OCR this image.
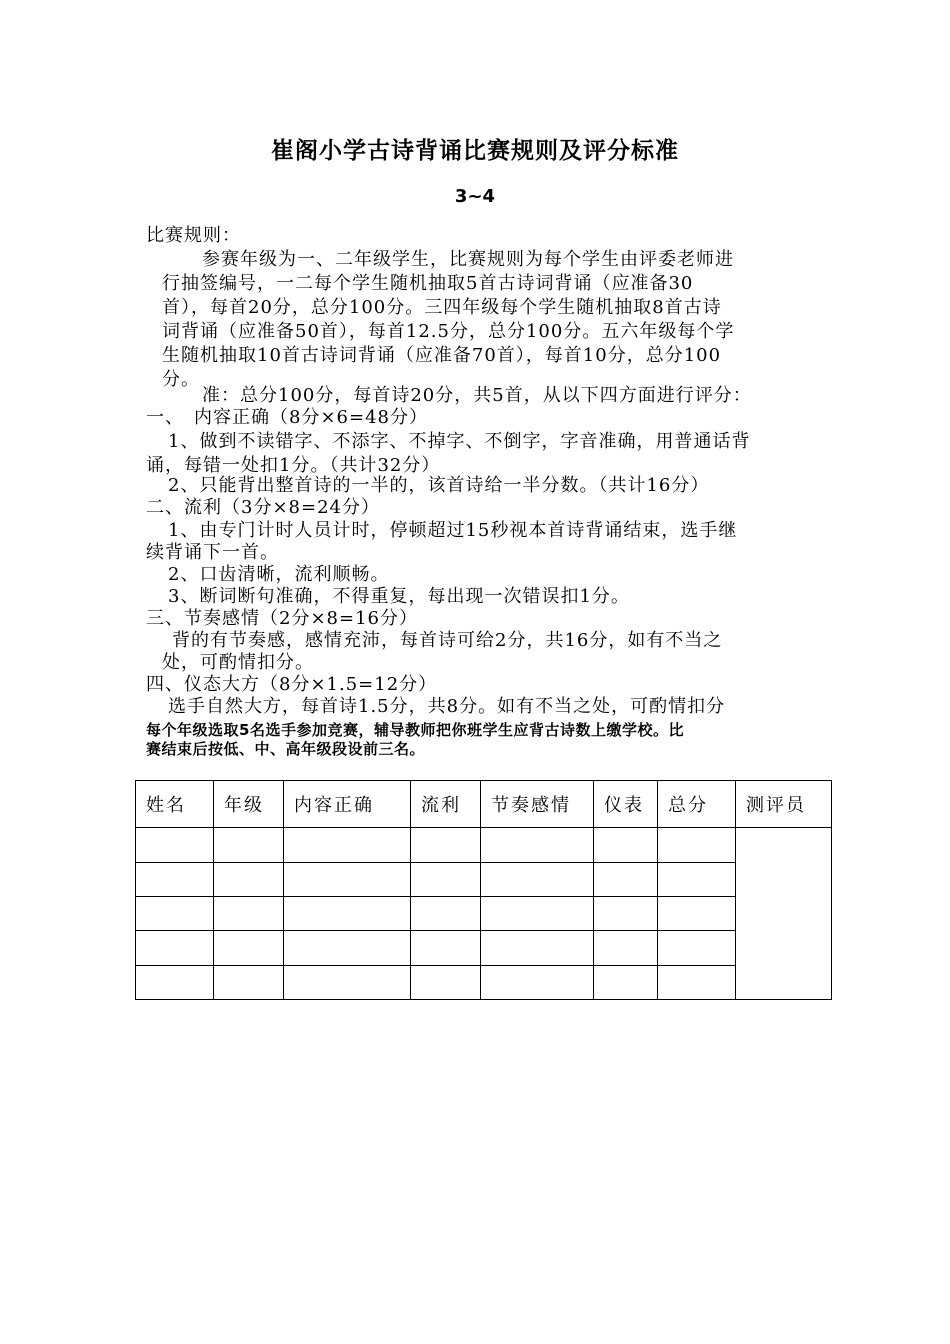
崔阁小学古诗背诵比赛规则及评分标准
3~4
比赛规则：
参赛年级为一、二年级学生，比赛规则为每个学生由评委老师进
行抽签编号，一二每个学生随机抽取5首古诗词背诵（应准备30
首），每首20分，总分100分。三四年级每个学生随机抽取8首古诗
词背诵（应准备50首），每首12.5分，总分100分。五六年级每个学
生随机抽取10首古诗词背诵（应准备70首），每首10分，总分100
分。
准：总分100分，每首诗20分，共5首，从以下四方面进行评分：
一、　内容正确（8分×6=48分）
1、做到不读错字、不添字、不掉字、不倒字，字音准确，用普通话背
诵，每错一处扣1分。（共计32分）
2、只能背出整首诗的一半的，该首诗给一半分数。（共计16分）
二、流利（3分×8=24分）
1、由专门计时人员计时，停顿超过15秒视本首诗背诵结束，选手继
续背诵下一首。
2、口齿清晰，流利顺畅。
3、断词断句准确，不得重复，每出现一次错误扣1分。
三、节奏感情（2分×8=16分）
背的有节奏感，感情充沛，每首诗可给2分，共16分，如有不当之
处，可酌情扣分。
四、仪态大方（8分×1.5=12分）
选手自然大方，每首诗1.5分，共8分。如有不当之处，可酌情扣分
每个年级选取5名选手参加竞赛，辅导教师把你班学生应背古诗数上缴学校。比
赛结束后按低、中、高年级段设前三名。
姓名	年级	内容正确	流利	节奏感情	仪表	总分	测评员
